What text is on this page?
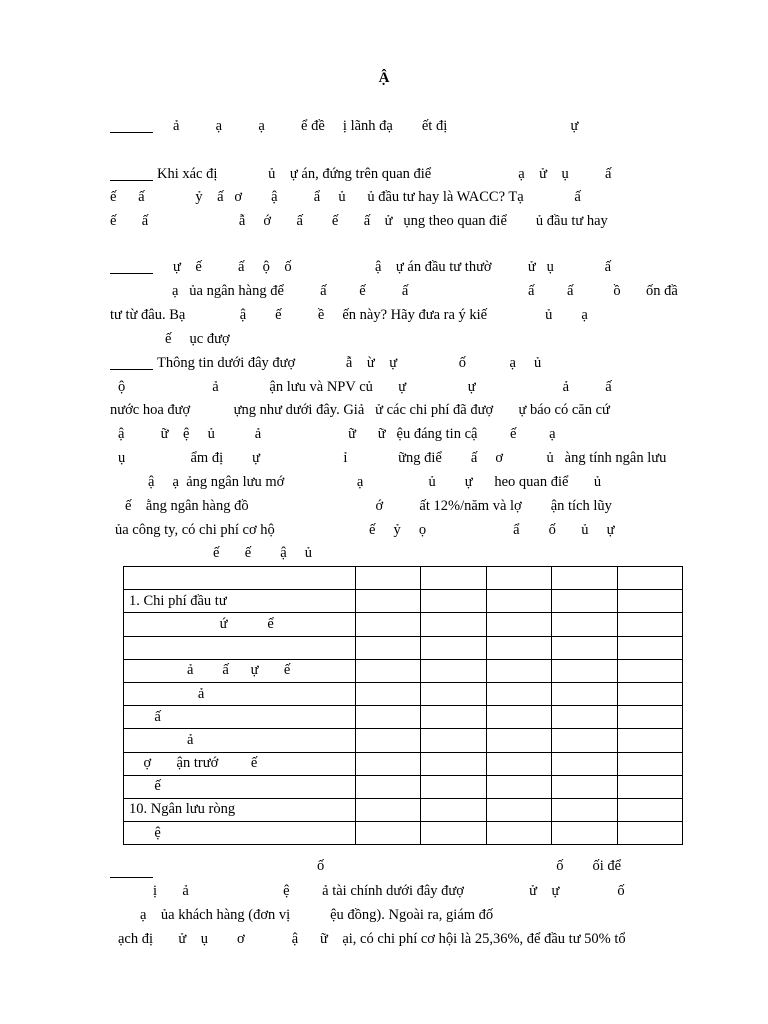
Ậ
ả          ạ          ạ          ể đề     ị lãnh đạ        ết đị                                  ự
Khi xác đị              ủ    ự án, đứng trên quan điể                        ạ    ử    ụ          ấ
ế      ấ              ỷ    ấ   ơ        ậ          ẩ     ủ      ủ đầu tư hay là WACC? Tạ              ấ
ế       ấ                         ẫ     ớ       ấ        ế       ấ    ử   ụng theo quan điể        ủ đầu tư hay
ự    ế          ấ     ộ    ố                       ậ    ự án đầu tư thườ          ử   ụ              ấ
ạ   ủa ngân hàng để          ấ         ế          ấ                                 ấ         ấ           ồ       ốn đầ
tư từ đâu. Bạ               ậ        ế          ề     ến này? Hãy đưa ra ý kiế                ủ        ạ
ế     ục đượ
Thông tin dưới đây đượ              ẫ    ừ    ự                 ố            ạ     ủ
ộ                        ả              ận lưu và NPV củ       ự                 ự                        ả          ấ
nước hoa đượ            ựng như dưới đây. Giả   ử các chi phí đã đượ       ự báo có căn cứ
ậ          ữ    ệ     ủ           ả                        ữ      ữ   ệu đáng tin cậ         ế         ạ
ụ                  ẩm đị        ự                       ỉ              ững điể        ấ     ơ            ủ   àng tính ngân lưu
ậ     ạ  ảng ngân lưu mớ                    ạ                  ủ        ự      heo quan điể       ủ
ế    ằng ngân hàng đồ                                   ớ          ất 12%/năm và lợ        ận tích lũy
ủa công ty, có chi phí cơ hộ                          ế     ỷ     ọ                        ẩ        ố       ủ     ự
ế       ế        ậ     ủ

1. Chi phí đầu tư					
ứ           ể					

ả        ấ      ự       ế					
ả					
ấ					
ả					
ợ       ận trướ         ế					
ế					
10. Ngân lưu ròng					
ệ					
ố                                                                ố        ối để
ị       ả                          ệ         ả tài chính dưới đây đượ                  ử    ự                ố
ạ    ủa khách hàng (đơn vị           ệu đồng). Ngoài ra, giám đố
ạch đị       ử    ụ        ơ             ậ      ữ    ại, có chi phí cơ hội là 25,36%, để đầu tư 50% tổ
